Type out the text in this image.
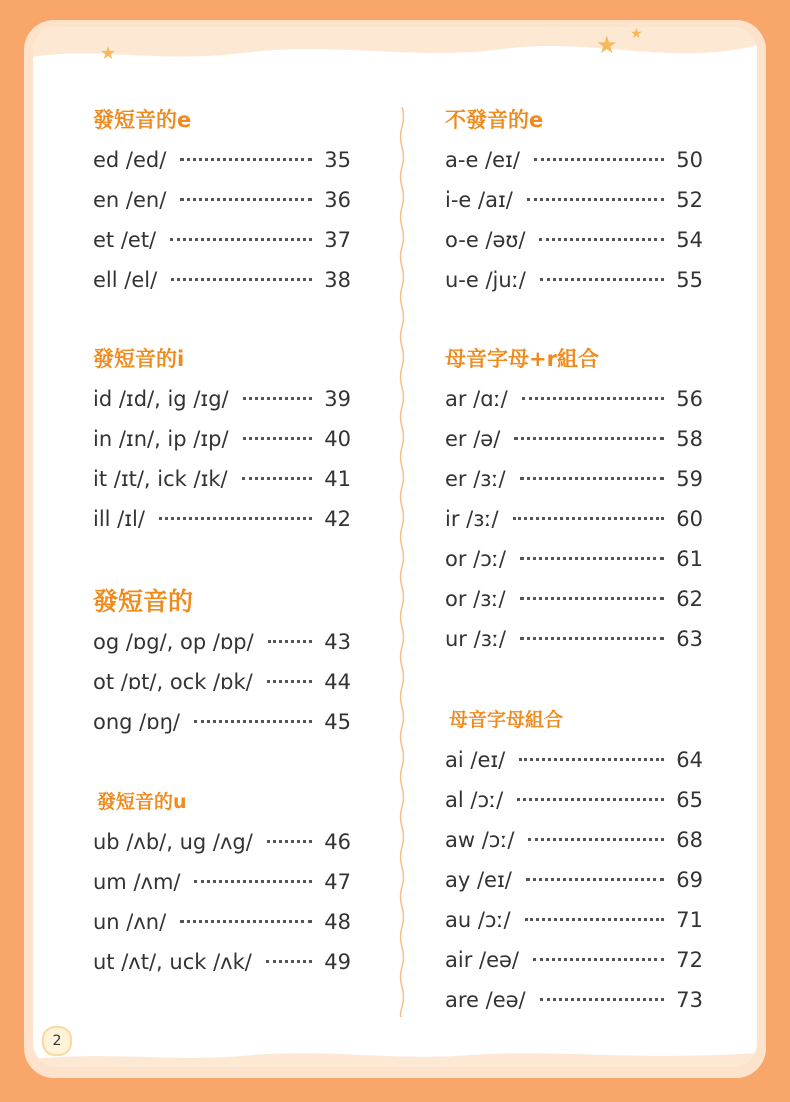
★	★ ★
發短音的e
ed /ed/	35
en /en/	36
et /et/	37
ell /el/	38
發短音的i
id /ɪd/, ig /ɪg/	39
in /ɪn/, ip /ɪp/	40
it /ɪt/, ick /ɪk/	41
ill /ɪl/	42
發短音的
og /ɒg/, op /ɒp/	43
ot /ɒt/, ock /ɒk/	44
ong /ɒŋ/	45
發短音的u
ub /ʌb/, ug /ʌg/	46
um /ʌm/	47
un /ʌn/	48
ut /ʌt/, uck /ʌk/	49
不發音的e
a-e /eɪ/	50
i-e /aɪ/	52
o-e /əʊ/	54
u-e /juː/	55
母音字母+r組合
ar /ɑː/	56
er /ə/	58
er /ɜː/	59
ir /ɜː/	60
or /ɔː/	61
or /ɜː/	62
ur /ɜː/	63
母音字母組合
ai /eɪ/	64
al /ɔː/	65
aw /ɔː/	68
ay /eɪ/	69
au /ɔː/	71
air /eə/	72
are /eə/	73
2
